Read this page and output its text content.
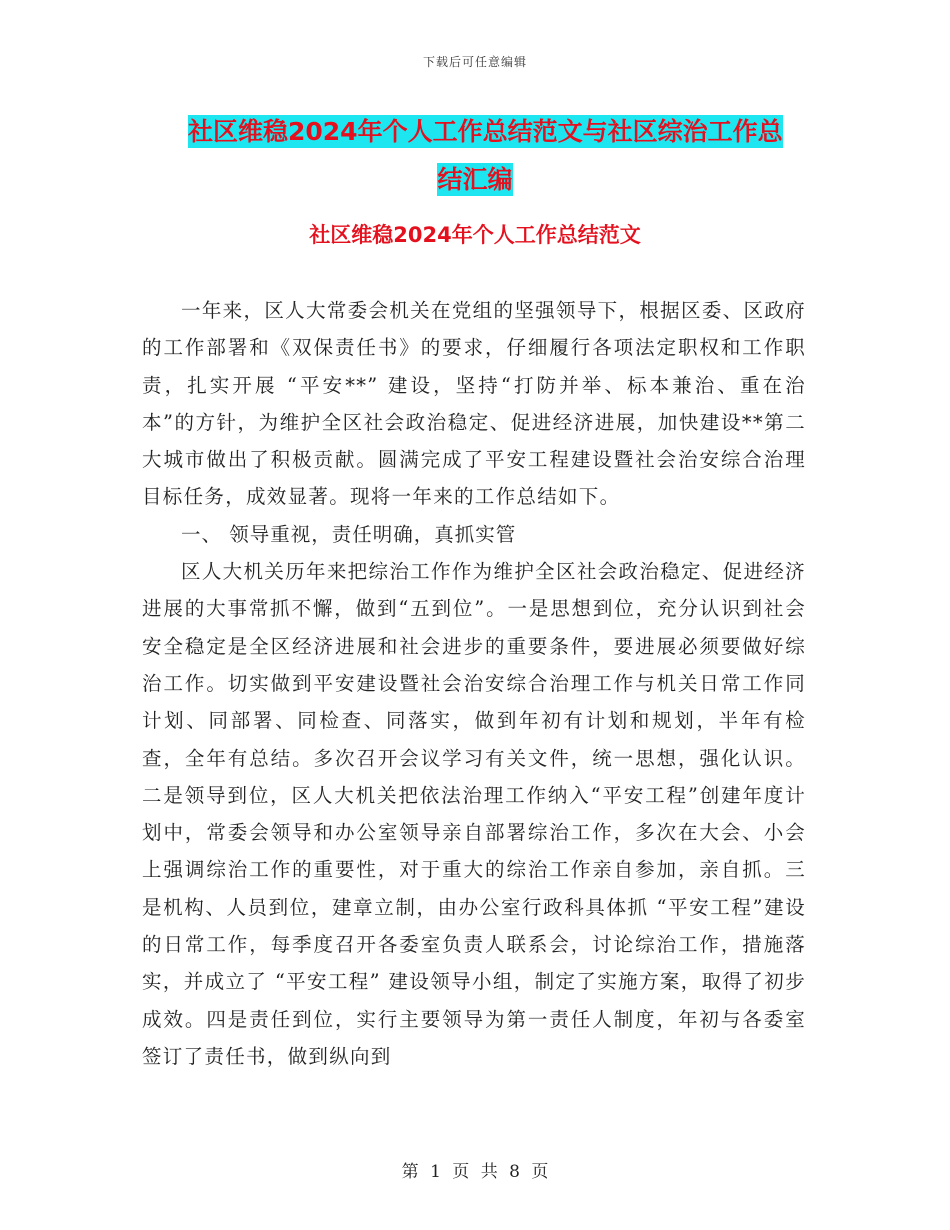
下载后可任意编辑
社区维稳2024年个人工作总结范文与社区综治工作总
结汇编
社区维稳2024年个人工作总结范文

一年来，区人大常委会机关在党组的坚强领导下，根据区委、区政府的工作部署和《双保责任书》的要求，仔细履行各项法定职权和工作职责，扎实开展 “平安**” 建设，坚持“打防并举、标本兼治、重在治本”的方针，为维护全区社会政治稳定、促进经济进展，加快建设**第二大城市做出了积极贡献。圆满完成了平安工程建设暨社会治安综合治理目标任务，成效显著。现将一年来的工作总结如下。

一、 领导重视，责任明确，真抓实管

区人大机关历年来把综治工作作为维护全区社会政治稳定、促进经济进展的大事常抓不懈，做到“五到位”。一是思想到位，充分认识到社会安全稳定是全区经济进展和社会进步的重要条件，要进展必须要做好综治工作。切实做到平安建设暨社会治安综合治理工作与机关日常工作同计划、同部署、同检查、同落实，做到年初有计划和规划，半年有检查，全年有总结。多次召开会议学习有关文件，统一思想，强化认识。二是领导到位，区人大机关把依法治理工作纳入“平安工程”创建年度计划中，常委会领导和办公室领导亲自部署综治工作，多次在大会、小会上强调综治工作的重要性，对于重大的综治工作亲自参加，亲自抓。三是机构、人员到位，建章立制，由办公室行政科具体抓 “平安工程”建设的日常工作，每季度召开各委室负责人联系会，讨论综治工作，措施落实，并成立了 “平安工程” 建设领导小组，制定了实施方案，取得了初步成效。四是责任到位，实行主要领导为第一责任人制度，年初与各委室签订了责任书，做到纵向到

第 1 页 共 8 页
